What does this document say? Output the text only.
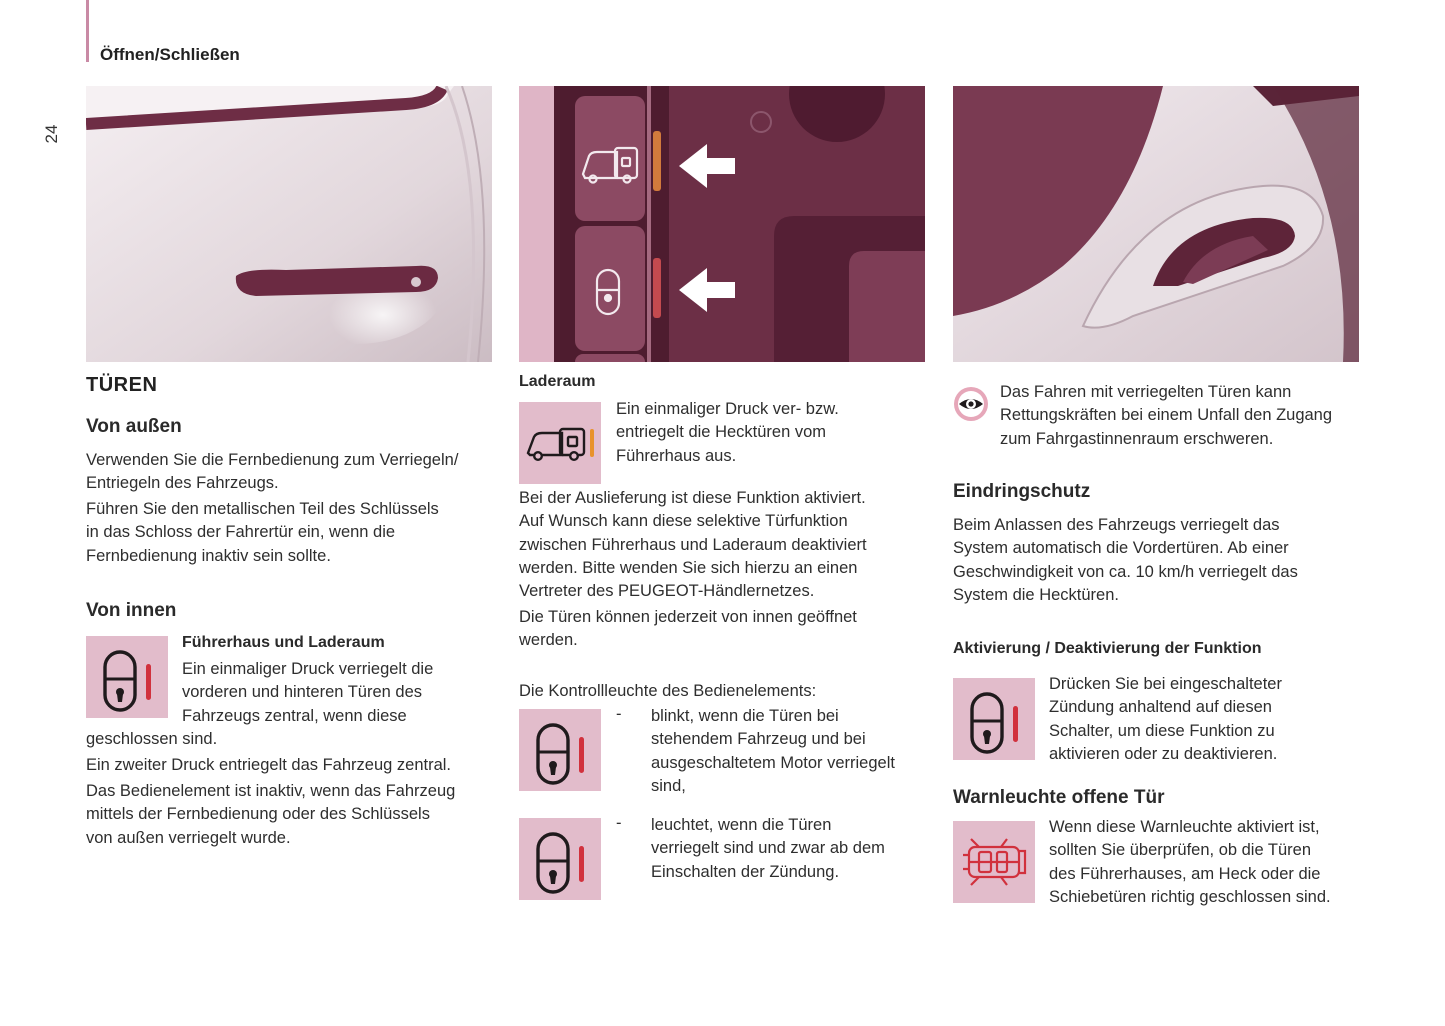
Öffnen/Schließen
24
TÜREN
Von außen
Verwenden Sie die Fernbedienung zum Verriegeln/
Entriegeln des Fahrzeugs.
Führen Sie den metallischen Teil des Schlüssels
in das Schloss der Fahrertür ein, wenn die
Fernbedienung inaktiv sein sollte.
Von innen
Führerhaus und Laderaum
Ein einmaliger Druck verriegelt die
vorderen und hinteren Türen des
Fahrzeugs zentral, wenn diese
geschlossen sind.
Ein zweiter Druck entriegelt das Fahrzeug zentral.
Das Bedienelement ist inaktiv, wenn das Fahrzeug
mittels der Fernbedienung oder des Schlüssels
von außen verriegelt wurde.
Laderaum
Ein einmaliger Druck ver- bzw.
entriegelt die Hecktüren vom
Führerhaus aus.
Bei der Auslieferung ist diese Funktion aktiviert.
Auf Wunsch kann diese selektive Türfunktion
zwischen Führerhaus und Laderaum deaktiviert
werden. Bitte wenden Sie sich hierzu an einen
Vertreter des PEUGEOT-Händlernetzes.
Die Türen können jederzeit von innen geöffnet
werden.
Die Kontrollleuchte des Bedienelements:
- blinkt, wenn die Türen bei
stehendem Fahrzeug und bei
ausgeschaltetem Motor verriegelt
sind,
- leuchtet, wenn die Türen
verriegelt sind und zwar ab dem
Einschalten der Zündung.
Das Fahren mit verriegelten Türen kann
Rettungskräften bei einem Unfall den Zugang
zum Fahrgastinnenraum erschweren.
Eindringschutz
Beim Anlassen des Fahrzeugs verriegelt das
System automatisch die Vordertüren. Ab einer
Geschwindigkeit von ca. 10 km/h verriegelt das
System die Hecktüren.
Aktivierung / Deaktivierung der Funktion
Drücken Sie bei eingeschalteter
Zündung anhaltend auf diesen
Schalter, um diese Funktion zu
aktivieren oder zu deaktivieren.
Warnleuchte offene Tür
Wenn diese Warnleuchte aktiviert ist,
sollten Sie überprüfen, ob die Türen
des Führerhauses, am Heck oder die
Schiebetüren richtig geschlossen sind.
